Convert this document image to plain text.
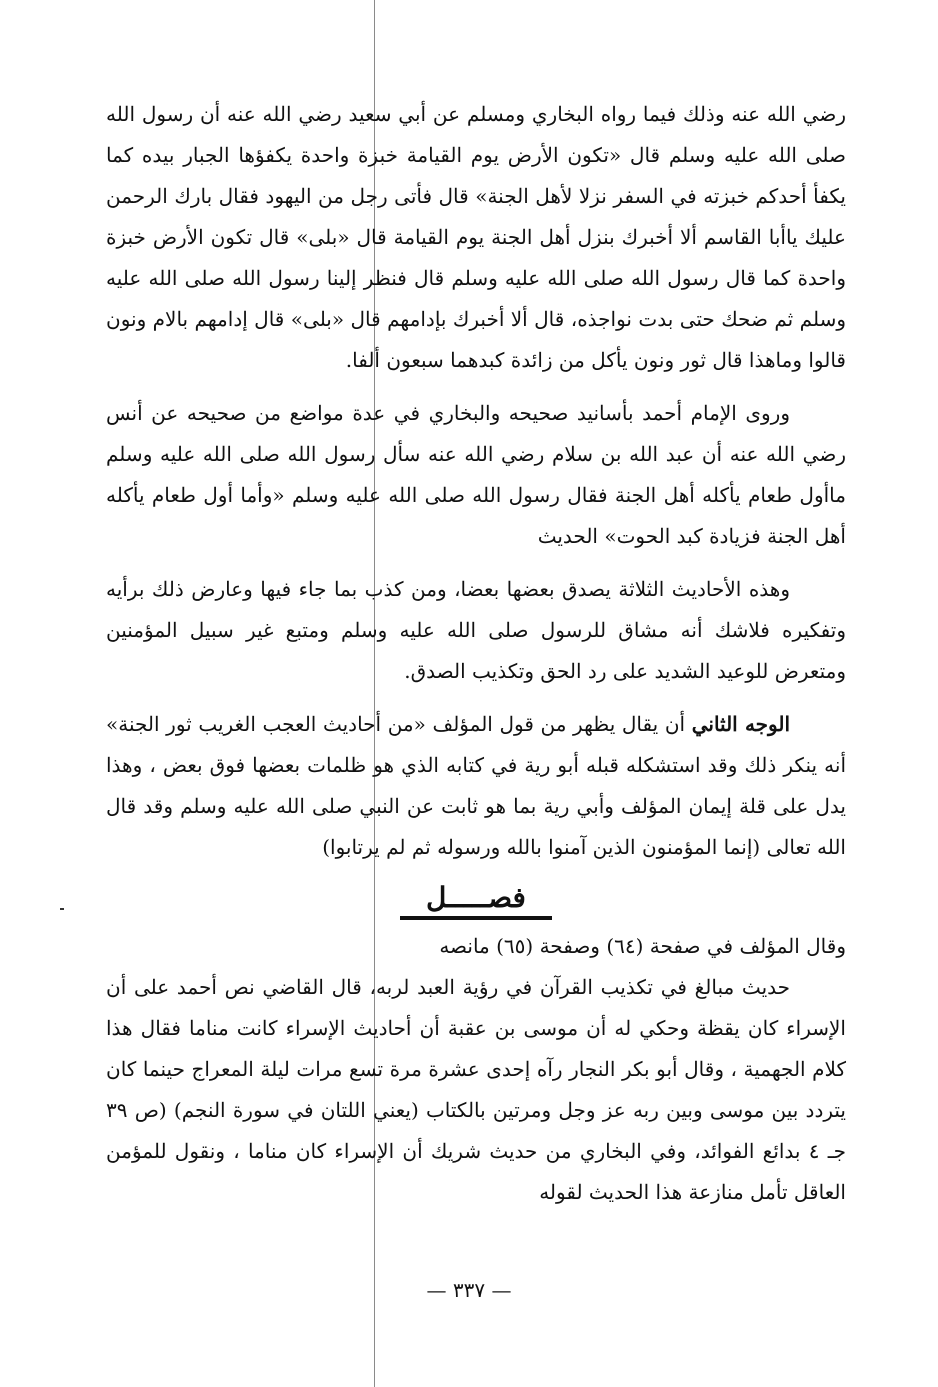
رضي الله عنه وذلك فيما رواه البخاري ومسلم عن أبي سعيد رضي الله عنه أن رسول الله صلى الله عليه وسلم قال «تكون الأرض يوم القيامة خبزة واحدة يكفؤها الجبار بيده كما يكفأ أحدكم خبزته في السفر نزلا لأهل الجنة» قال فأتى رجل من اليهود فقال بارك الرحمن عليك ياأبا القاسم ألا أخبرك بنزل أهل الجنة يوم القيامة قال «بلى» قال تكون الأرض خبزة واحدة كما قال رسول الله صلى الله عليه وسلم قال فنظر إلينا رسول الله صلى الله عليه وسلم ثم ضحك حتى بدت نواجذه، قال ألا أخبرك بإدامهم قال «بلى» قال إدامهم بالام ونون قالوا وماهذا قال ثور ونون يأكل من زائدة كبدهما سبعون ألفا.

وروى الإمام أحمد بأسانيد صحيحه والبخاري في عدة مواضع من صحيحه عن أنس رضي الله عنه أن عبد الله بن سلام رضي الله عنه سأل رسول الله صلى الله عليه وسلم ماأول طعام يأكله أهل الجنة فقال رسول الله صلى الله عليه وسلم «وأما أول طعام يأكله أهل الجنة فزيادة كبد الحوت» الحديث

وهذه الأحاديث الثلاثة يصدق بعضها بعضا، ومن كذب بما جاء فيها وعارض ذلك برأيه وتفكيره فلاشك أنه مشاق للرسول صلى الله عليه وسلم ومتبع غير سبيل المؤمنين ومتعرض للوعيد الشديد على رد الحق وتكذيب الصدق.

الوجه الثاني أن يقال يظهر من قول المؤلف «من أحاديث العجب الغريب ثور الجنة» أنه ينكر ذلك وقد استشكله قبله أبو رية في كتابه الذي هو ظلمات بعضها فوق بعض ، وهذا يدل على قلة إيمان المؤلف وأبي رية بما هو ثابت عن النبي صلى الله عليه وسلم وقد قال الله تعالى (إنما المؤمنون الذين آمنوا بالله ورسوله ثم لم يرتابوا)

فصـــــل

وقال المؤلف في صفحة (٦٤) وصفحة (٦٥) مانصه

حديث مبالغ في تكذيب القرآن في رؤية العبد لربه، قال القاضي نص أحمد على أن الإسراء كان يقظة وحكي له أن موسى بن عقبة أن أحاديث الإسراء كانت مناما فقال هذا كلام الجهمية ، وقال أبو بكر النجار رآه إحدى عشرة مرة تسع مرات ليلة المعراج حينما كان يتردد بين موسى وبين ربه عز وجل ومرتين بالكتاب (يعني اللتان في سورة النجم) (ص ٣٩ جـ ٤ بدائع الفوائد، وفي البخاري من حديث شريك أن الإسراء كان مناما ، ونقول للمؤمن العاقل تأمل منازعة هذا الحديث لقوله

— ٣٣٧ —
